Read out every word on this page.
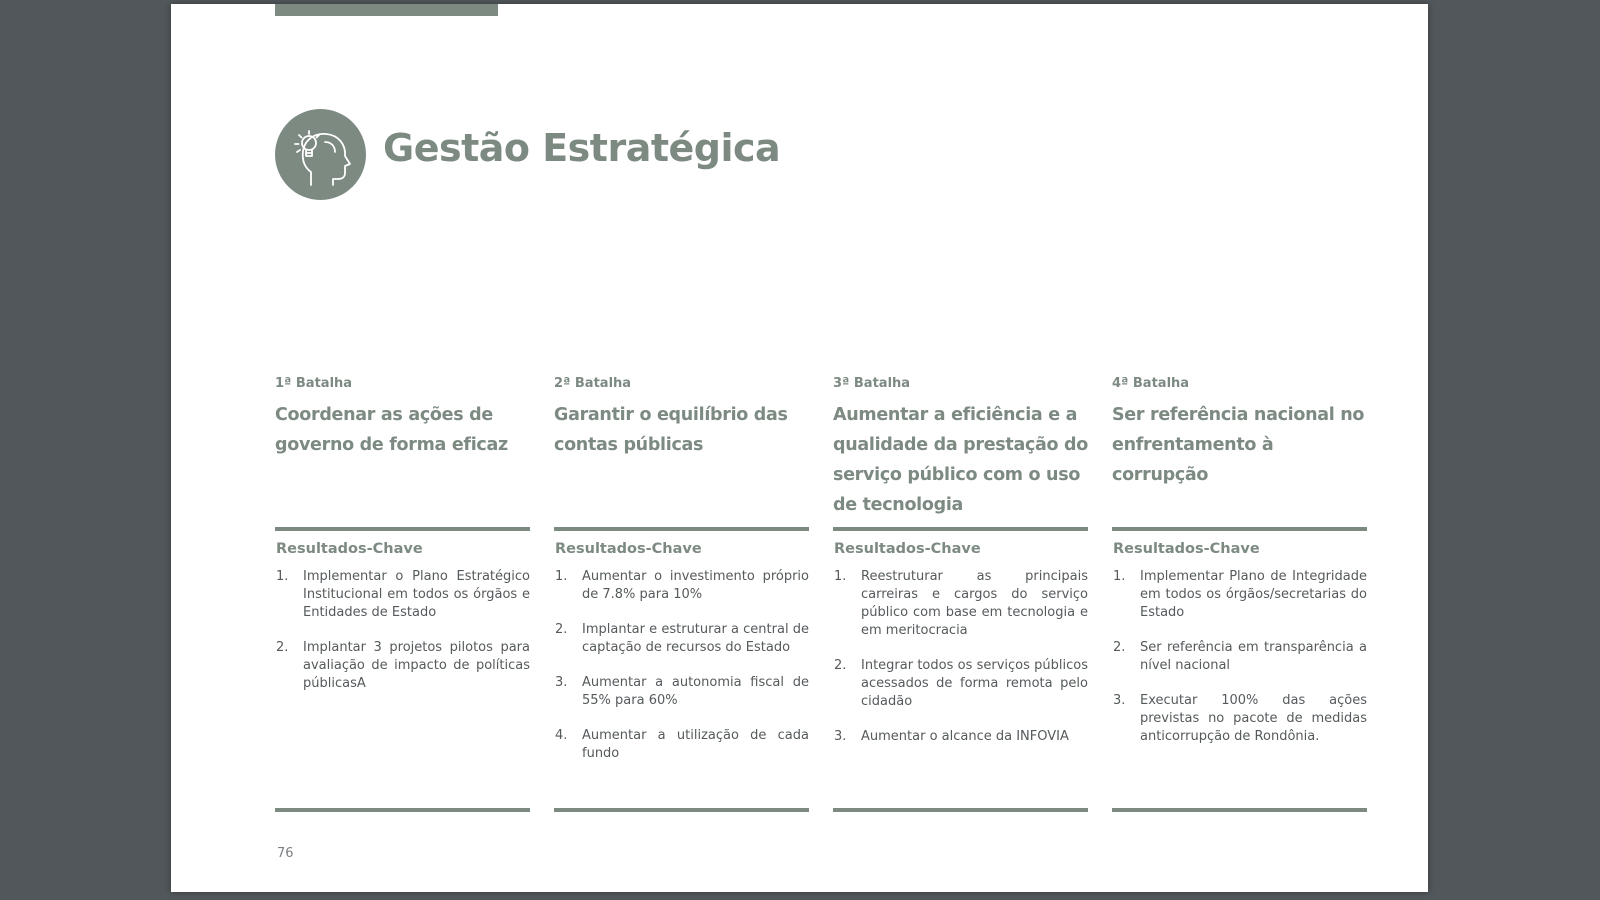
Gestão Estratégica
1ª Batalha
Coordenar as ações de governo de forma eficaz
Resultados-Chave
1. Implementar o Plano Estratégico Institucional em todos os órgãos e Entidades de Estado
2. Implantar 3 projetos pilotos para avaliação de impacto de políticas públicasA
2ª Batalha
Garantir o equilíbrio das contas públicas
Resultados-Chave
1. Aumentar o investimento próprio de 7.8% para 10%
2. Implantar e estruturar a central de captação de recursos do Estado
3. Aumentar a autonomia fiscal de 55% para 60%
4. Aumentar a utilização de cada fundo
3ª Batalha
Aumentar a eficiência e a qualidade da prestação do serviço público com o uso de tecnologia
Resultados-Chave
1. Reestruturar as principais carreiras e cargos do serviço público com base em tecnologia e em meritocracia
2. Integrar todos os serviços públicos acessados de forma remota pelo cidadão
3. Aumentar o alcance da INFOVIA
4ª Batalha
Ser referência nacional no enfrentamento à corrupção
Resultados-Chave
1. Implementar Plano de Integridade em todos os órgãos/secretarias do Estado
2. Ser referência em transparência a nível nacional
3. Executar 100% das ações previstas no pacote de medidas anticorrupção de Rondônia.
76
